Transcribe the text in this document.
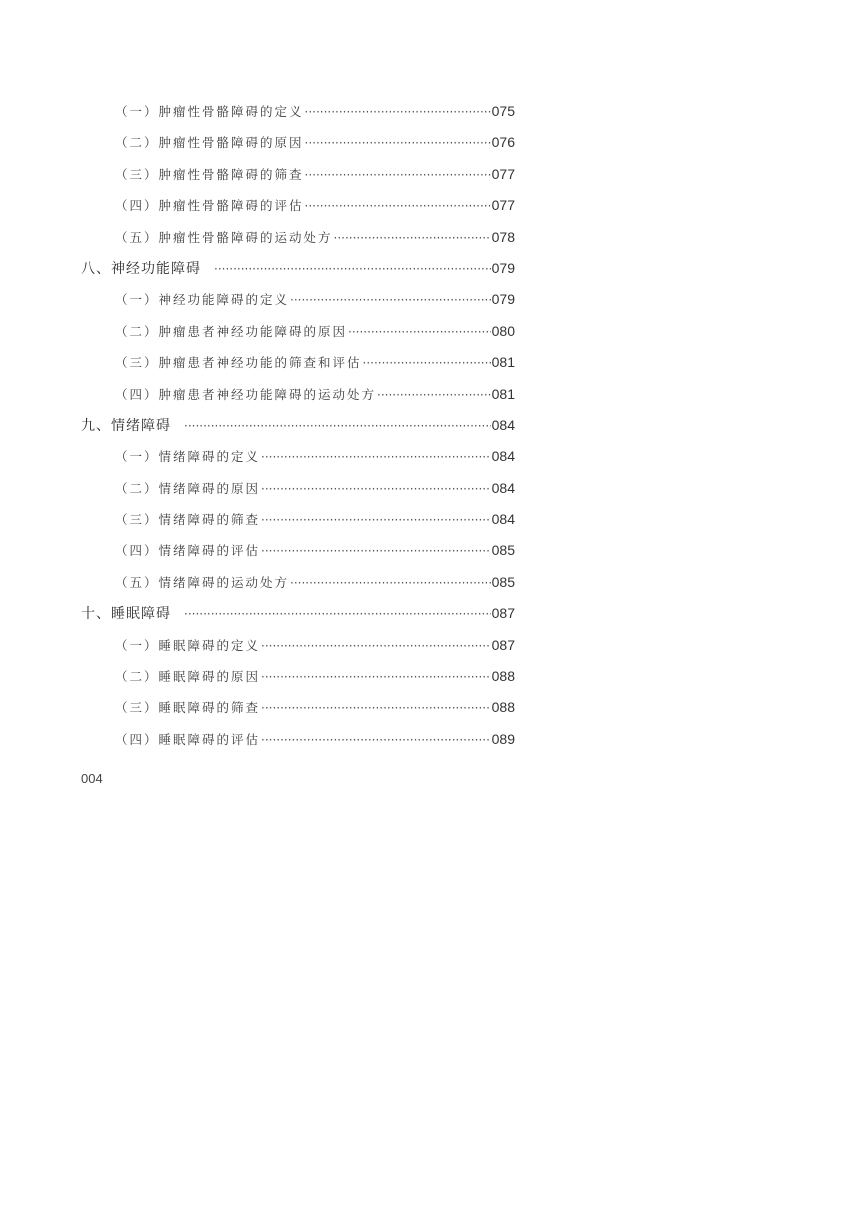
（一）肿瘤性骨骼障碍的定义 ·····	075
（二）肿瘤性骨骼障碍的原因 ·····	076
（三）肿瘤性骨骼障碍的筛查 ·····	077
（四）肿瘤性骨骼障碍的评估 ·····	077
（五）肿瘤性骨骼障碍的运动处方 ·····	078
八、神经功能障碍 ·····	079
（一）神经功能障碍的定义 ·····	079
（二）肿瘤患者神经功能障碍的原因 ·····	080
（三）肿瘤患者神经功能的筛查和评估 ·····	081
（四）肿瘤患者神经功能障碍的运动处方 ·····	081
九、情绪障碍 ·····	084
（一）情绪障碍的定义 ·····	084
（二）情绪障碍的原因 ·····	084
（三）情绪障碍的筛查 ·····	084
（四）情绪障碍的评估 ·····	085
（五）情绪障碍的运动处方 ·····	085
十、睡眠障碍 ·····	087
（一）睡眠障碍的定义 ·····	087
（二）睡眠障碍的原因 ·····	088
（三）睡眠障碍的筛查 ·····	088
（四）睡眠障碍的评估 ·····	089
004
